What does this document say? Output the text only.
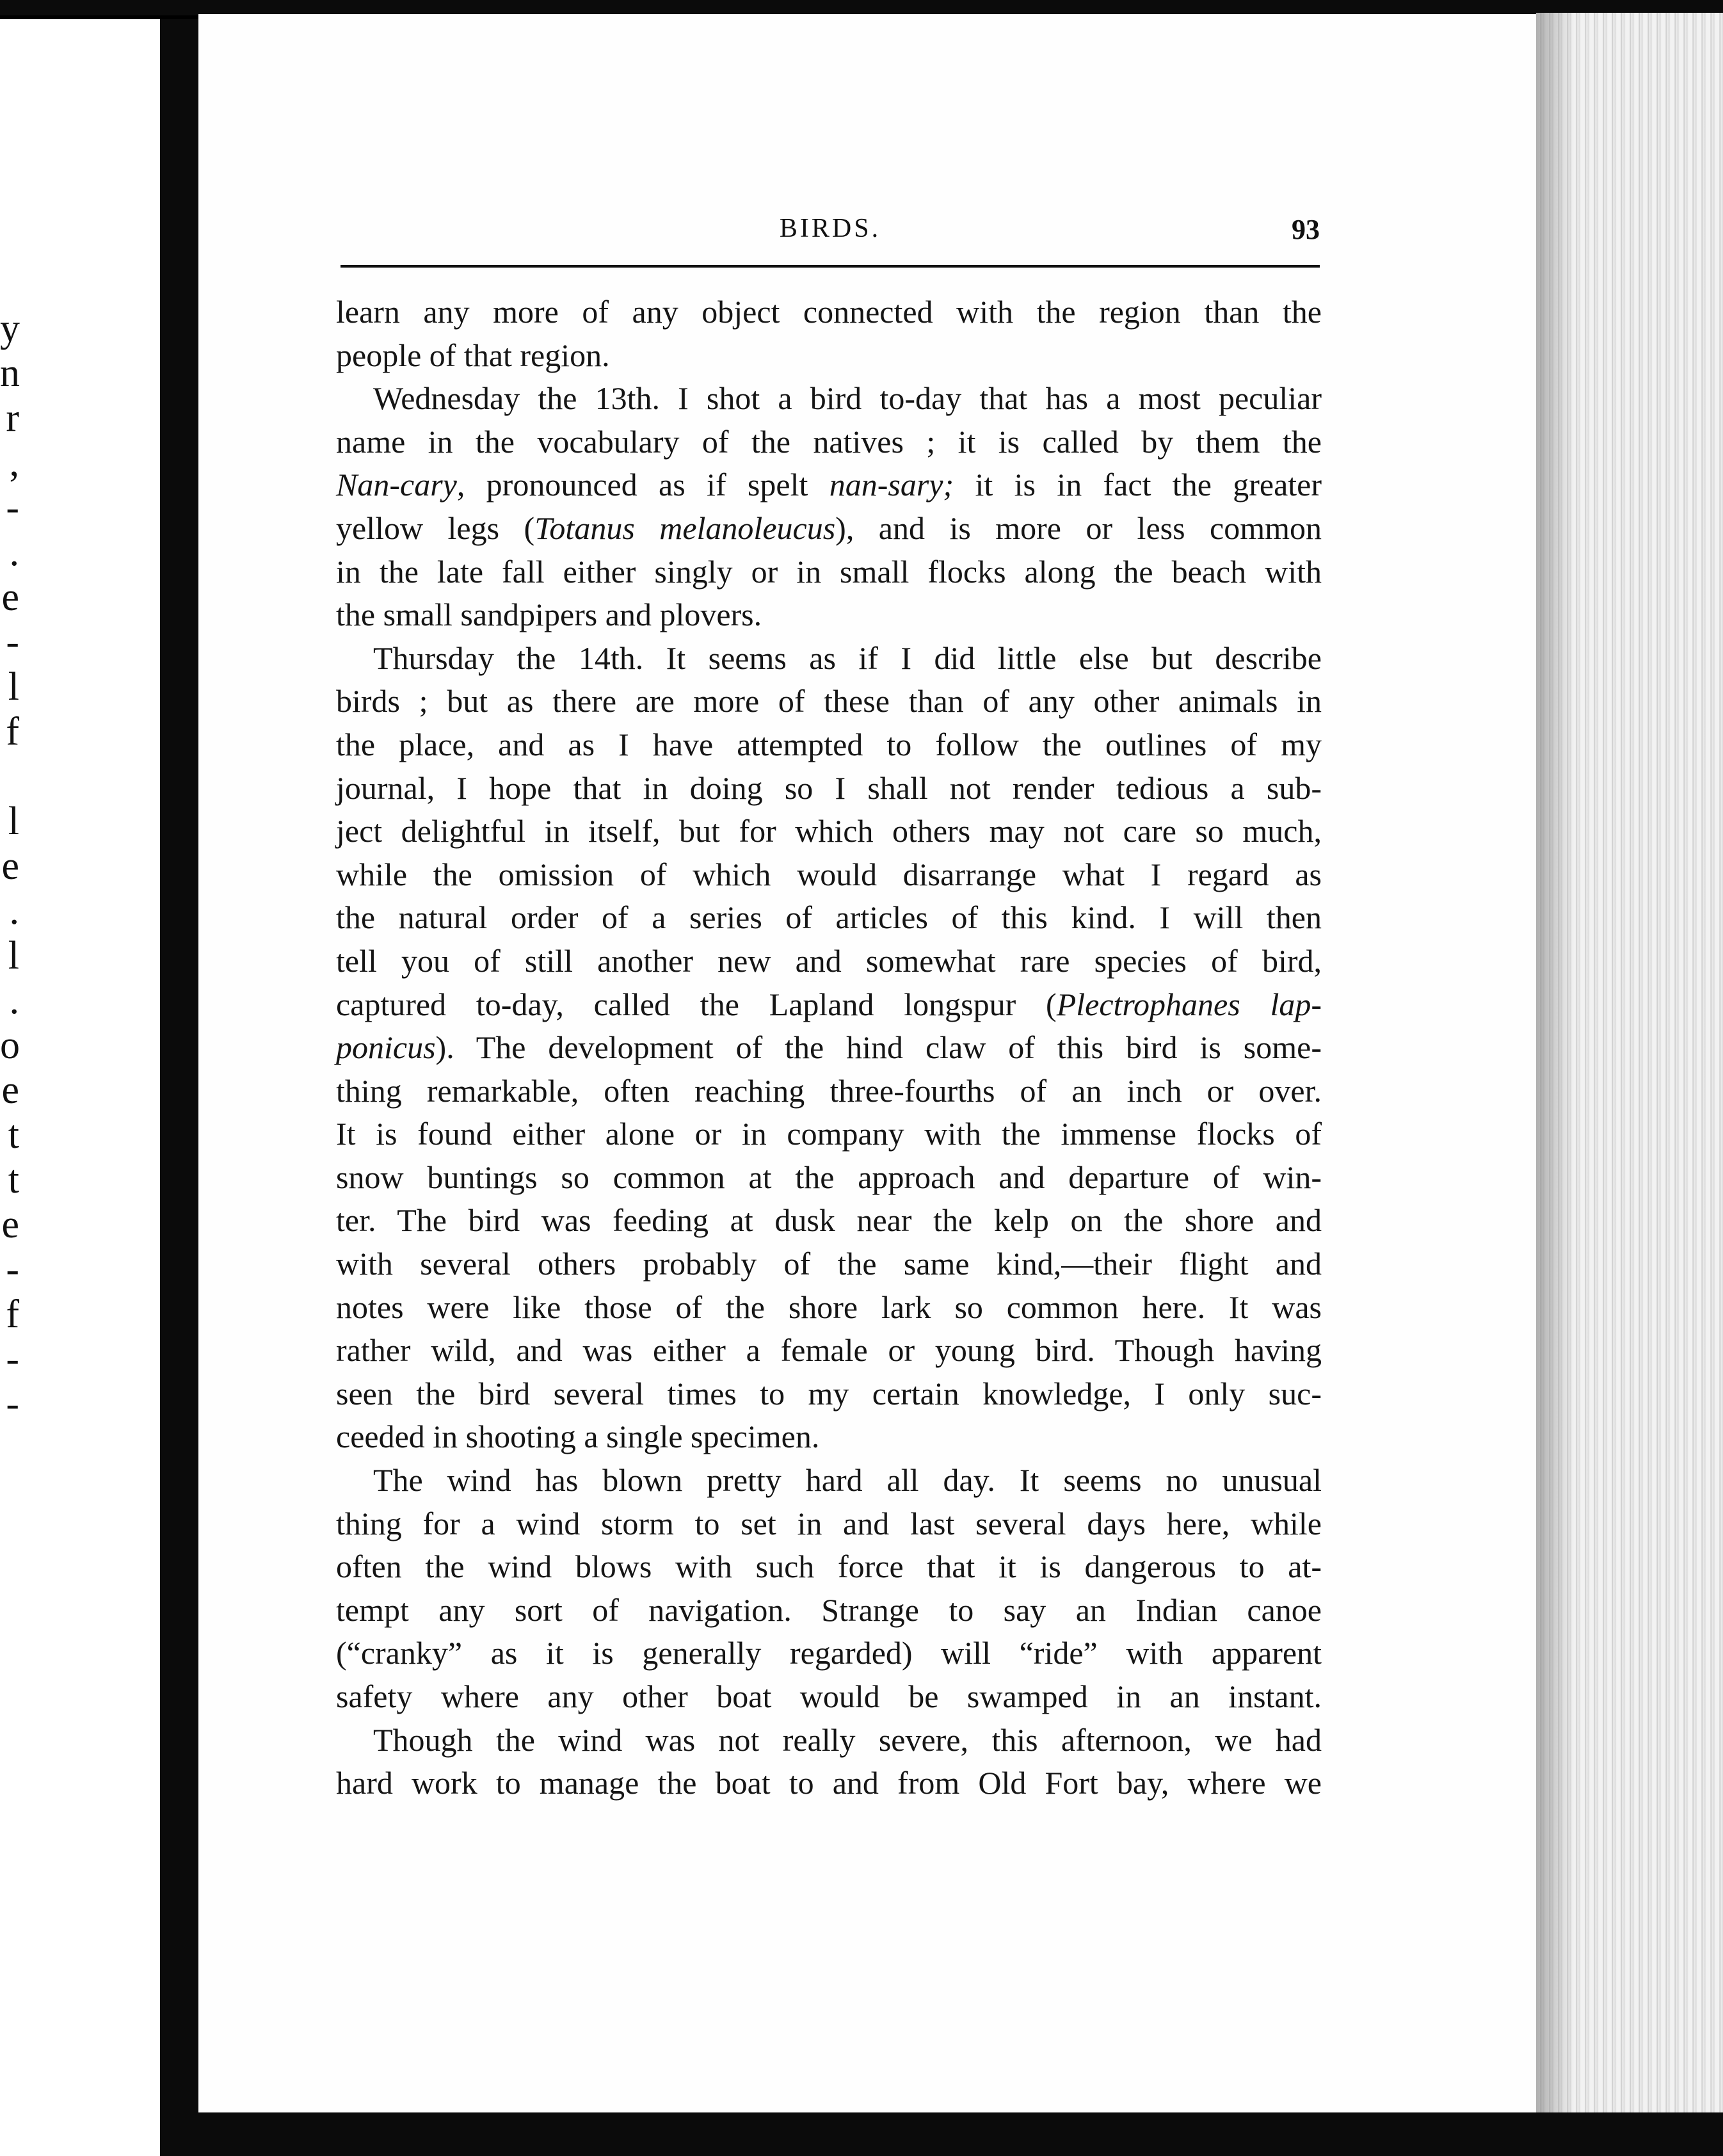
y
n
r
,
-
.
e
-
l
f
l
e
.
l
.
o
e
t
t
e
-
f
-
-
BIRDS.	93
learn any more of any object connected with the region than the
people of that region.
Wednesday the 13th. I shot a bird to-day that has a most peculiar
name in the vocabulary of the natives ; it is called by them the
Nan-cary, pronounced as if spelt nan-sary; it is in fact the greater
yellow legs (Totanus melanoleucus), and is more or less common
in the late fall either singly or in small flocks along the beach with
the small sandpipers and plovers.
Thursday the 14th. It seems as if I did little else but describe
birds ; but as there are more of these than of any other animals in
the place, and as I have attempted to follow the outlines of my
journal, I hope that in doing so I shall not render tedious a sub-
ject delightful in itself, but for which others may not care so much,
while the omission of which would disarrange what I regard as
the natural order of a series of articles of this kind. I will then
tell you of still another new and somewhat rare species of bird,
captured to-day, called the Lapland longspur (Plectrophanes lap-
ponicus). The development of the hind claw of this bird is some-
thing remarkable, often reaching three-fourths of an inch or over.
It is found either alone or in company with the immense flocks of
snow buntings so common at the approach and departure of win-
ter. The bird was feeding at dusk near the kelp on the shore and
with several others probably of the same kind,—their flight and
notes were like those of the shore lark so common here. It was
rather wild, and was either a female or young bird. Though having
seen the bird several times to my certain knowledge, I only suc-
ceeded in shooting a single specimen.
The wind has blown pretty hard all day. It seems no unusual
thing for a wind storm to set in and last several days here, while
often the wind blows with such force that it is dangerous to at-
tempt any sort of navigation. Strange to say an Indian canoe
(“cranky” as it is generally regarded) will “ride” with apparent
safety where any other boat would be swamped in an instant.
Though the wind was not really severe, this afternoon, we had
hard work to manage the boat to and from Old Fort bay, where we
